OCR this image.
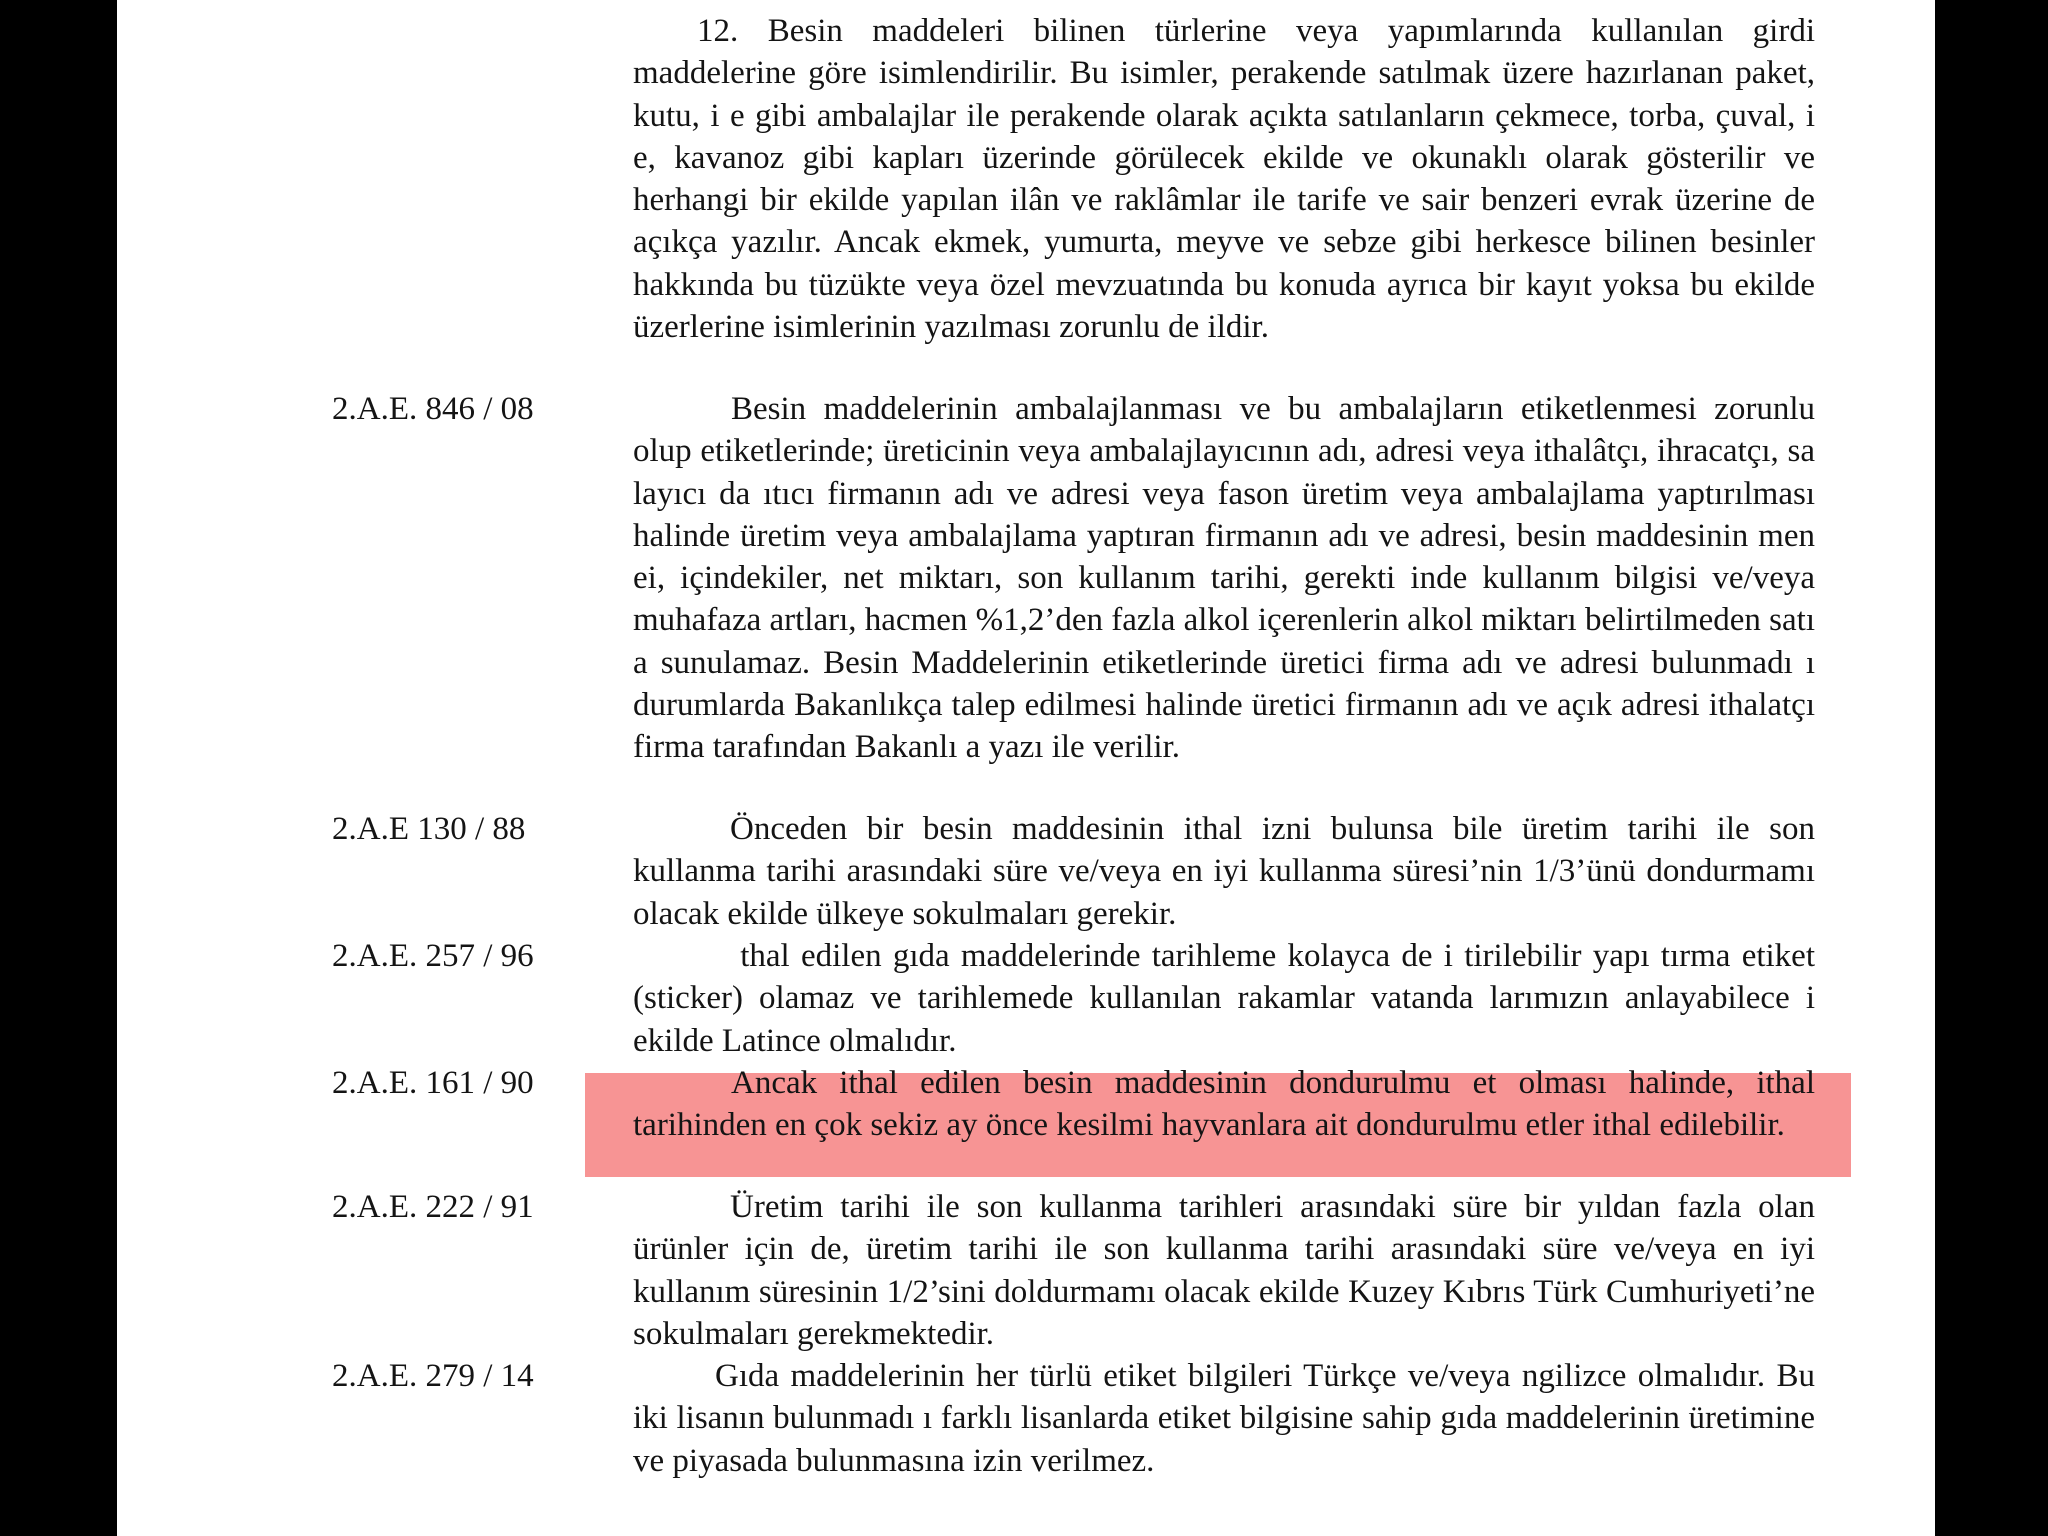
12. Besin maddeleri bilinen türlerine veya yapımlarında kullanılan girdi maddelerine göre isimlendirilir. Bu isimler, perakende satılmak üzere hazırlanan paket, kutu, i e gibi ambalajlar ile perakende olarak açıkta satılanların çekmece, torba, çuval, i e, kavanoz gibi kapları üzerinde görülecek ekilde ve okunaklı olarak gösterilir ve herhangi bir ekilde yapılan ilân ve raklâmlar ile tarife ve sair benzeri evrak üzerine de açıkça yazılır. Ancak ekmek, yumurta, meyve ve sebze gibi herkesce bilinen besinler hakkında bu tüzükte veya özel mevzuatında bu konuda ayrıca bir kayıt yoksa bu ekilde üzerlerine isimlerinin yazılması zorunlu de ildir.
2.A.E. 846 / 08	Besin maddelerinin ambalajlanması ve bu ambalajların etiketlenmesi zorunlu olup etiketlerinde; üreticinin veya ambalajlayıcının adı, adresi veya ithalâtçı, ihracatçı, sa layıcı da ıtıcı firmanın adı ve adresi veya fason üretim veya ambalajlama yaptırılması halinde üretim veya ambalajlama yaptıran firmanın adı ve adresi, besin maddesinin men ei, içindekiler, net miktarı, son kullanım tarihi, gerekti inde kullanım bilgisi ve/veya muhafaza artları, hacmen %1,2’den fazla alkol içerenlerin alkol miktarı belirtilmeden satı a sunulamaz. Besin Maddelerinin etiketlerinde üretici firma adı ve adresi bulunmadı ı durumlarda Bakanlıkça talep edilmesi halinde üretici firmanın adı ve açık adresi ithalatçı firma tarafından Bakanlı a yazı ile verilir.
2.A.E 130 / 88	Önceden bir besin maddesinin ithal izni bulunsa bile üretim tarihi ile son kullanma tarihi arasındaki süre ve/veya en iyi kullanma süresi’nin 1/3’ünü dondurmamı olacak ekilde ülkeye sokulmaları gerekir.
2.A.E. 257 / 96	thal edilen gıda maddelerinde tarihleme kolayca de i tirilebilir yapı tırma etiket (sticker) olamaz ve tarihlemede kullanılan rakamlar vatanda larımızın anlayabilece i ekilde Latince olmalıdır.
2.A.E. 161 / 90	Ancak ithal edilen besin maddesinin dondurulmu et olması halinde, ithal tarihinden en çok sekiz ay önce kesilmi hayvanlara ait dondurulmu etler ithal edilebilir.
2.A.E. 222 / 91	Üretim tarihi ile son kullanma tarihleri arasındaki süre bir yıldan fazla olan ürünler için de, üretim tarihi ile son kullanma tarihi arasındaki süre ve/veya en iyi kullanım süresinin 1/2’sini doldurmamı olacak ekilde Kuzey Kıbrıs Türk Cumhuriyeti’ne sokulmaları gerekmektedir.
2.A.E. 279 / 14	Gıda maddelerinin her türlü etiket bilgileri Türkçe ve/veya ngilizce olmalıdır. Bu iki lisanın bulunmadı ı farklı lisanlarda etiket bilgisine sahip gıda maddelerinin üretimine ve piyasada bulunmasına izin verilmez.
